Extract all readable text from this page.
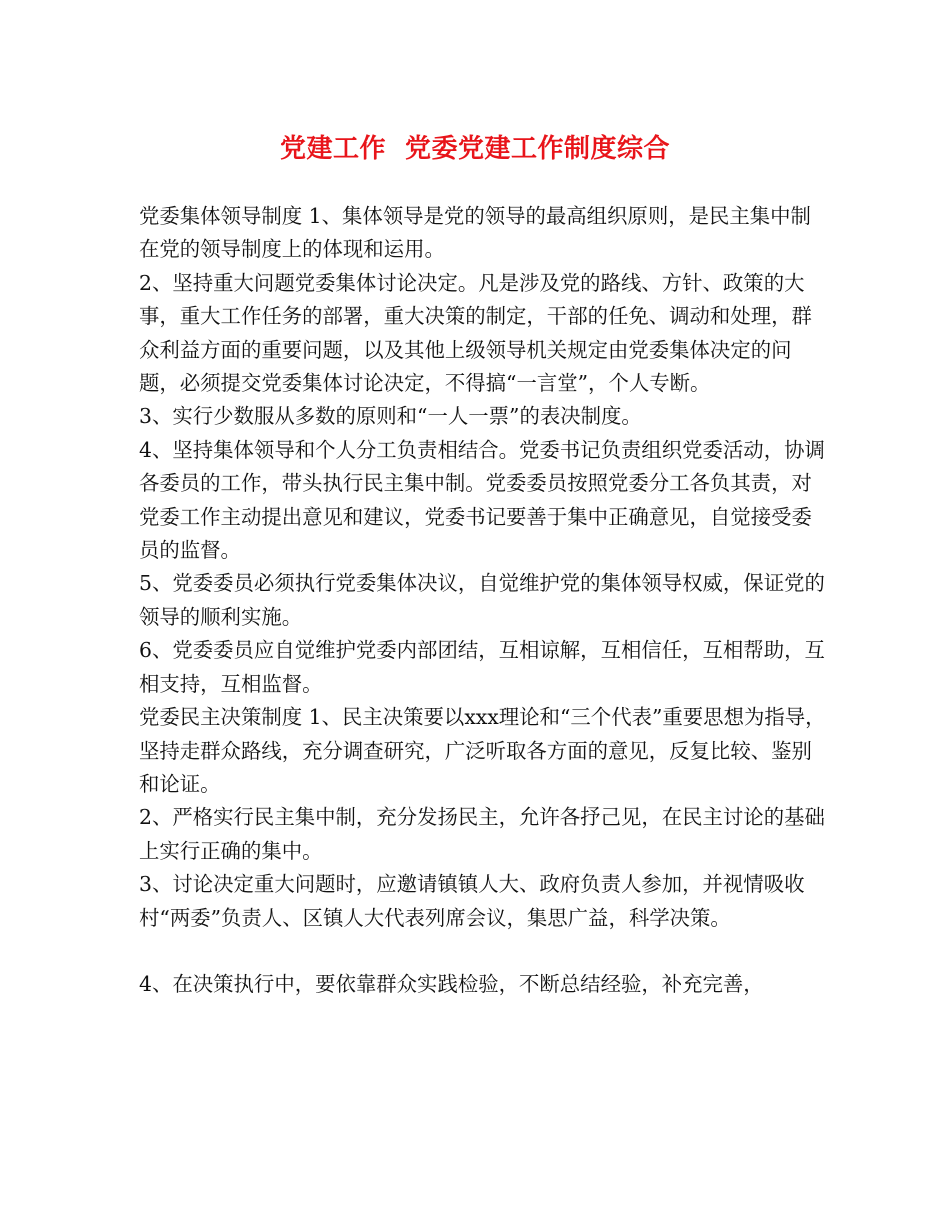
党建工作  党委党建工作制度综合

党委集体领导制度 1、集体领导是党的领导的最高组织原则，是民主集中制在党的领导制度上的体现和运用。

2、坚持重大问题党委集体讨论决定。凡是涉及党的路线、方针、政策的大事，重大工作任务的部署，重大决策的制定，干部的任免、调动和处理，群众利益方面的重要问题，以及其他上级领导机关规定由党委集体决定的问题，必须提交党委集体讨论决定，不得搞“一言堂”，个人专断。

3、实行少数服从多数的原则和“一人一票”的表决制度。

4、坚持集体领导和个人分工负责相结合。党委书记负责组织党委活动，协调各委员的工作，带头执行民主集中制。党委委员按照党委分工各负其责，对党委工作主动提出意见和建议，党委书记要善于集中正确意见，自觉接受委员的监督。

5、党委委员必须执行党委集体决议，自觉维护党的集体领导权威，保证党的领导的顺利实施。

6、党委委员应自觉维护党委内部团结，互相谅解，互相信任，互相帮助，互相支持，互相监督。

党委民主决策制度 1、民主决策要以xxx理论和“三个代表”重要思想为指导，坚持走群众路线，充分调查研究，广泛听取各方面的意见，反复比较、鉴别和论证。

2、严格实行民主集中制，充分发扬民主，允许各抒己见，在民主讨论的基础上实行正确的集中。

3、讨论决定重大问题时，应邀请镇镇人大、政府负责人参加，并视情吸收村“两委”负责人、区镇人大代表列席会议，集思广益，科学决策。

4、在决策执行中，要依靠群众实践检验，不断总结经验，补充完善，
